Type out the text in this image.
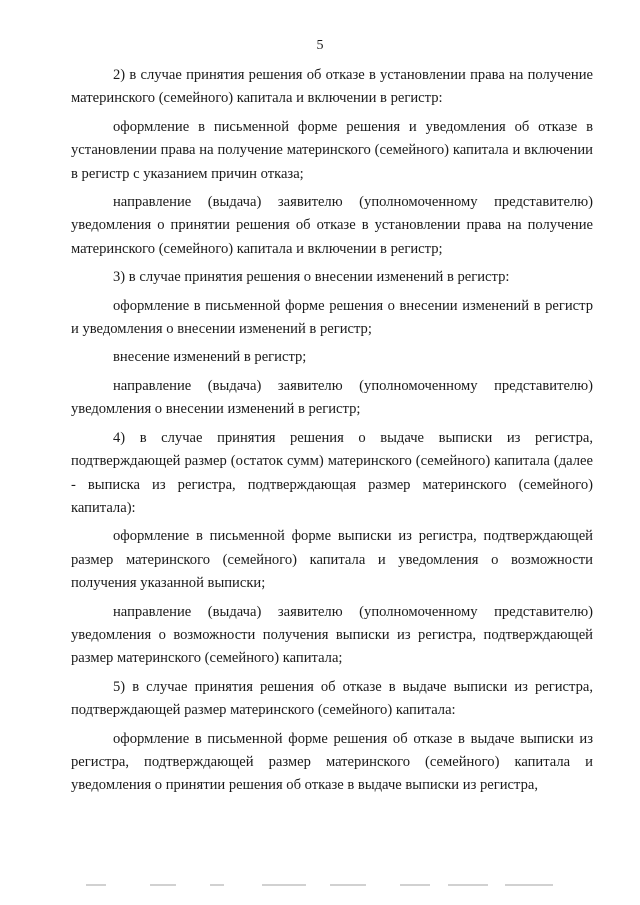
5

2) в случае принятия решения об отказе в установлении права на получение материнского (семейного) капитала и включении в регистр:

оформление в письменной форме решения и уведомления об отказе в установлении права на получение материнского (семейного) капитала и включении в регистр с указанием причин отказа;

направление (выдача) заявителю (уполномоченному представителю) уведомления о принятии решения об отказе в установлении права на получение материнского (семейного) капитала и включении в регистр;

3) в случае принятия решения о внесении изменений в регистр:

оформление в письменной форме решения о внесении изменений в регистр и уведомления о внесении изменений в регистр;

внесение изменений в регистр;

направление (выдача) заявителю (уполномоченному представителю) уведомления о внесении изменений в регистр;

4) в случае принятия решения о выдаче выписки из регистра, подтверждающей размер (остаток сумм) материнского (семейного) капитала (далее - выписка из регистра, подтверждающая размер материнского (семейного) капитала):

оформление в письменной форме выписки из регистра, подтверждающей размер материнского (семейного) капитала и уведомления о возможности получения указанной выписки;

направление (выдача) заявителю (уполномоченному представителю) уведомления о возможности получения выписки из регистра, подтверждающей размер материнского (семейного) капитала;

5) в случае принятия решения об отказе в выдаче выписки из регистра, подтверждающей размер материнского (семейного) капитала:

оформление в письменной форме решения об отказе в выдаче выписки из регистра, подтверждающей размер материнского (семейного) капитала и уведомления о принятии решения об отказе в выдаче выписки из регистра,
